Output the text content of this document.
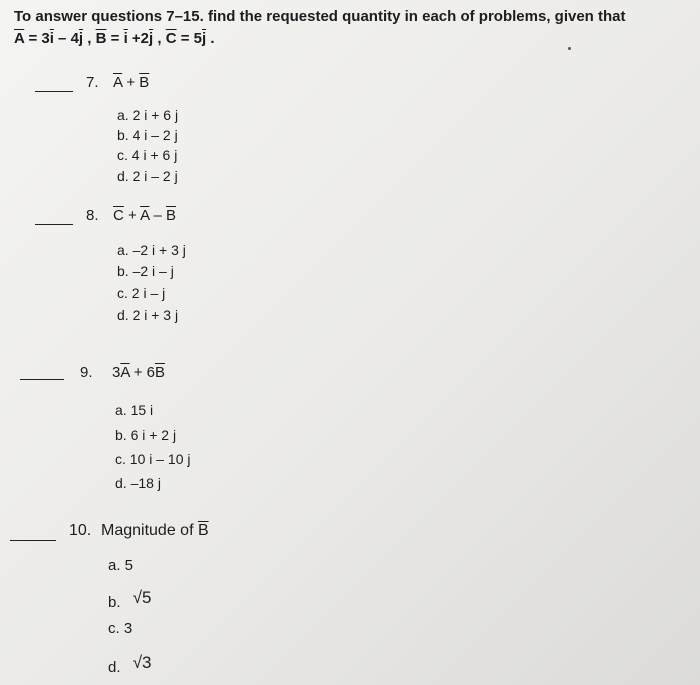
To answer questions 7–15. find the requested quantity in each of problems, given that
$\overline{A} = 3\overline{i} - 4\overline{j}$ , $\overline{B} = \overline{i} +2\overline{j}$ , $\overline{C} = 5\overline{j}$ .
7. $\overline{A} + \overline{B}$
a. 2 i + 6 j
b. 4 i – 2 j
c. 4 i + 6 j
d. 2 i – 2 j
8. $\overline{C} + \overline{A} - \overline{B}$
a. –2 i + 3 j
b. –2 i – j
c. 2 i – j
d. 2 i + 3 j
9. $3\overline{A} + 6\overline{B}$
a. 15 i
b. 6 i + 2 j
c. 10 i – 10 j
d. –18 j
10. Magnitude of $\overline{B}$
a. 5
b. √5
c. 3
d. √3
